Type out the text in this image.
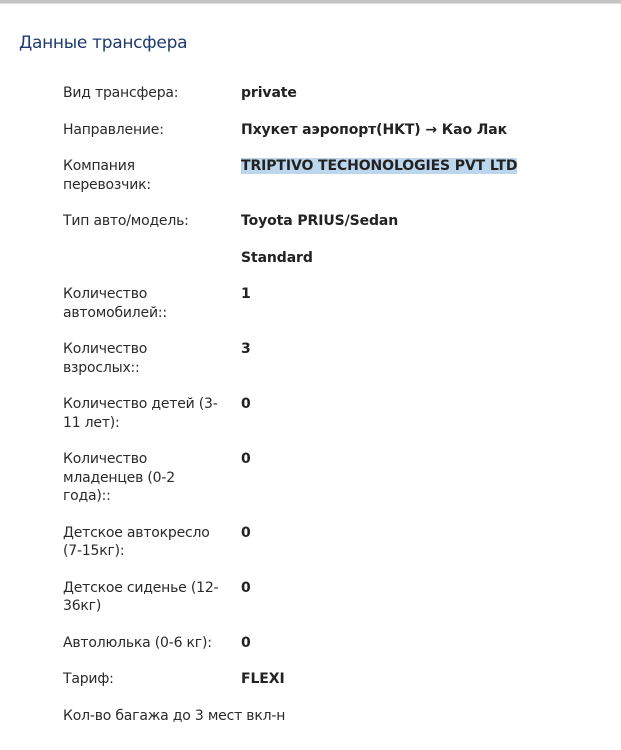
Данные трансфера
Вид трансфера:	private
Направление:	Пхукет аэропорт(HKT) → Као Лак
Компания перевозчик:
TRIPTIVO TECHONOLOGIES PVT LTD
Тип авто/модель:	Toyota PRIUS/Sedan
Standard
Количество автомобилей::
1
Количество взрослых::
3
Количество детей (3-11 лет):
0
Количество младенцев (0-2 года)::
0
Детское автокресло (7-15кг):
0
Детское сиденье (12-36кг)
0
Автолюлька (0-6 кг):	0
Тариф:	FLEXI
Кол-во багажа до 3 мест вкл-н
